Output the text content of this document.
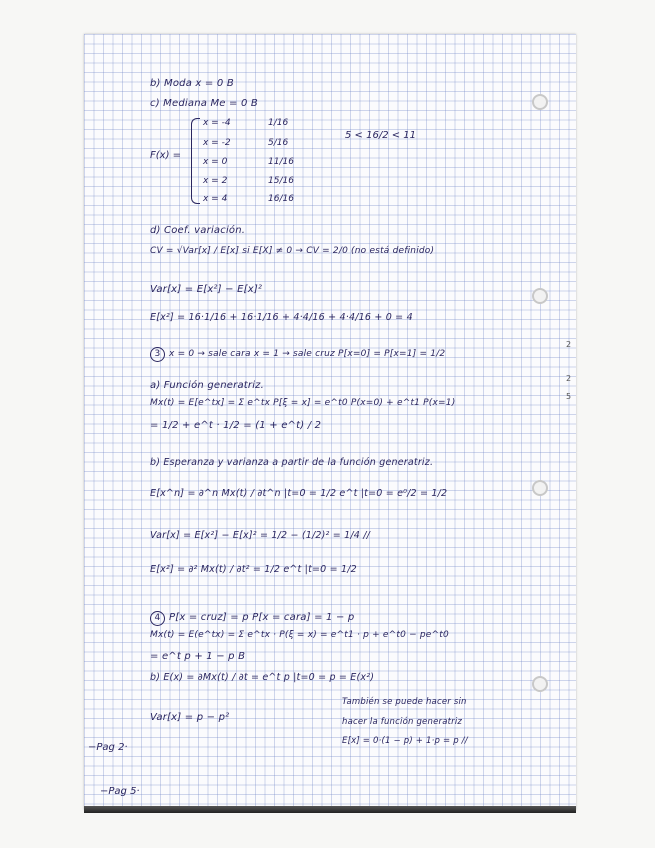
2
2
5
b) Moda x = 0 B
c) Mediana Me = 0 B
F(x) =
x = -4	1/16
x = -2	5/16
x = 0	11/16
x = 2	15/16
x = 4	16/16
5 < 16/2 < 11
d) Coef. variación.
CV = √Var[x] / E[x] si E[X] ≠ 0 → CV = 2/0 (no está definido)
Var[x] = E[x²] − E[x]²
E[x²] = 16·1/16 + 16·1/16 + 4·4/16 + 4·4/16 + 0 = 4
3 x = 0 → sale cara x = 1 → sale cruz P[x=0] = P[x=1] = 1/2
a) Función generatriz.
Mx(t) = E[e^tx] = Σ e^tx P[ξ = x] = e^t0 P(x=0) + e^t1 P(x=1)
= 1/2 + e^t · 1/2 = (1 + e^t) / 2
b) Esperanza y varianza a partir de la función generatriz.
E[x^n] = ∂^n Mx(t) / ∂t^n |t=0 = 1/2 e^t |t=0 = e⁰/2 = 1/2
Var[x] = E[x²] − E[x]² = 1/2 − (1/2)² = 1/4 //
E[x²] = ∂² Mx(t) / ∂t² = 1/2 e^t |t=0 = 1/2
4 P[x = cruz] = p P[x = cara] = 1 − p
Mx(t) = E(e^tx) = Σ e^tx · P(ξ = x) = e^t1 · p + e^t0 − pe^t0
= e^t p + 1 − p B
b) E(x) = ∂Mx(t) / ∂t = e^t p |t=0 = p = E(x²)
Var[x] = p − p²
También se puede hacer sin
hacer la función generatriz
E[x] = 0·(1 − p) + 1·p = p //
−Pag 2·
−Pag 5·
